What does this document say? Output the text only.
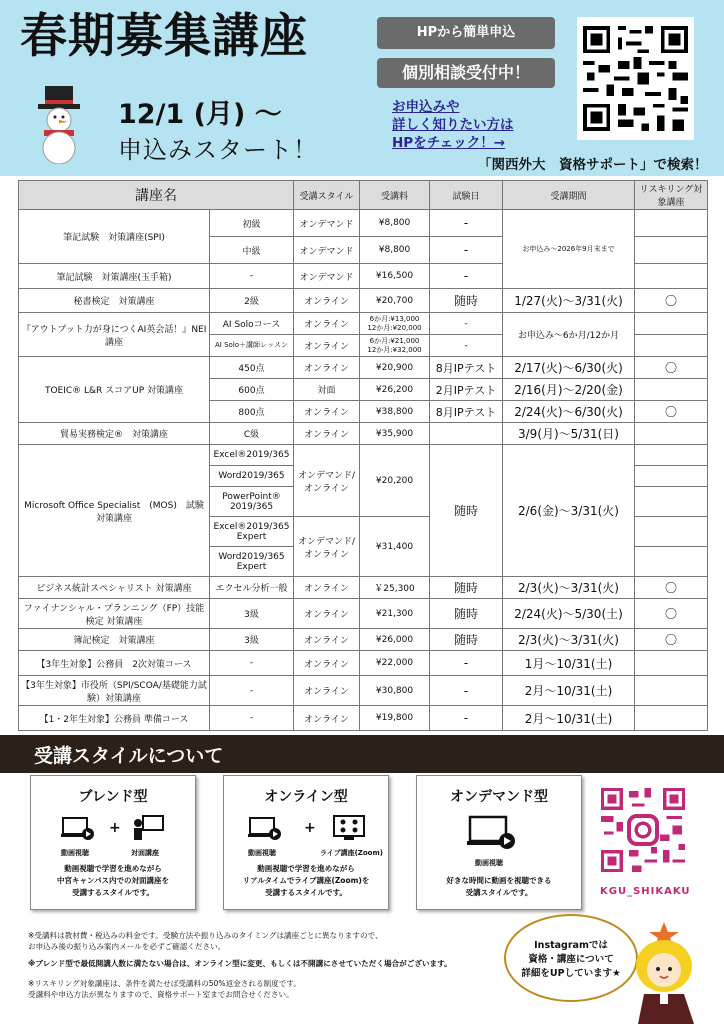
春期募集講座	HPから簡単申込
個別相談受付中！
12/1 (月) ～
申込みスタート！
お申込みや
詳しく知りたい方は
HPをチェック！→
「関西外大　資格サポート」で検索！
講座名		受講スタイル	受講料	試験日	受講期間	リスキリング対象講座
筆記試験　対策講座(SPI)	初級	オンデマンド	¥8,800	-	お申込み～2026年9月末まで	
	中級	オンデマンド	¥8,800	-		
筆記試験　対策講座(玉手箱)	-	オンデマンド	¥16,500	-		
秘書検定　対策講座	2級	オンライン	¥20,700	随時	1/27(火)～3/31(火)	〇
『アウトプット力が身につくAI英会話！』NEI講座	AI Soloコース	オンライン	6か月:¥13,000
12か月:¥20,000	-	お申込み～6か月/12か月	
	AI Solo＋講師レッスン	オンライン	6か月:¥21,000
12か月:¥32,000	-		
TOEIC® L&R スコアUP 対策講座	450点	オンライン	¥20,900	8月IPテスト	2/17(火)～6/30(火)	〇
	600点	対面	¥26,200	2月IPテスト	2/16(月)～2/20(金)	
	800点	オンライン	¥38,800	8月IPテスト	2/24(火)～6/30(火)	〇
貿易実務検定®　対策講座	C級	オンライン	¥35,900		3/9(月)～5/31(日)	
Microsoft Office Specialist　(MOS)　試験　対策講座	Excel®2019/365	オンデマンド/オンライン	¥20,200	随時	2/6(金)～3/31(火)	
	Word2019/365					
	PowerPoint® 2019/365					
	Excel®2019/365 Expert	オンデマンド/オンライン	¥31,400			
	Word2019/365 Expert					
ビジネス統計スペシャリスト 対策講座	エクセル分析一般	オンライン	￥25,300	随時	2/3(火)～3/31(火)	〇
ファイナンシャル・プランニング（FP）技能検定 対策講座	3級	オンライン	¥21,300	随時	2/24(火)～5/30(土)	〇
簿記検定　対策講座	3級	オンライン	¥26,000	随時	2/3(火)～3/31(火)	〇
【3年生対象】公務員　2次対策コース	-	オンライン	¥22,000	-	1月～10/31(土)	
【3年生対象】市役所（SPI/SCOA/基礎能力試験）対策講座	-	オンライン	¥30,800	-	2月～10/31(土)	
【1・2年生対象】公務員 準備コース	-	オンライン	¥19,800	-	2月～10/31(土)	
受講スタイルについて
ブレンド型
動画視聴
+
対面講座
動画視聴で学習を進めながら
中宮キャンパス内での対面講座を
受講するスタイルです。
オンライン型
動画視聴
+
ライブ講座(Zoom)
動画視聴で学習を進めながら
リアルタイムでライブ講座(Zoom)を
受講するスタイルです。
オンデマンド型
動画視聴
好きな時間に動画を視聴できる
受講スタイルです。	KGU_SHIKAKU
※受講料は教材費・税込みの料金です。受験方法や振り込みのタイミングは講座ごとに異なりますので、
お申込み後の振り込み案内メールを必ずご確認ください。
※ブレンド型で最低開講人数に満たない場合は、オンライン型に変更、もしくは不開講にさせていただく場合がございます。
※リスキリング対象講座は、条件を満たせば受講料の50%返金される制度です。
受講料や申込方法が異なりますので、資格サポート室までお問合せください。
Instagramでは
資格・講座について
詳細をUPしています★
